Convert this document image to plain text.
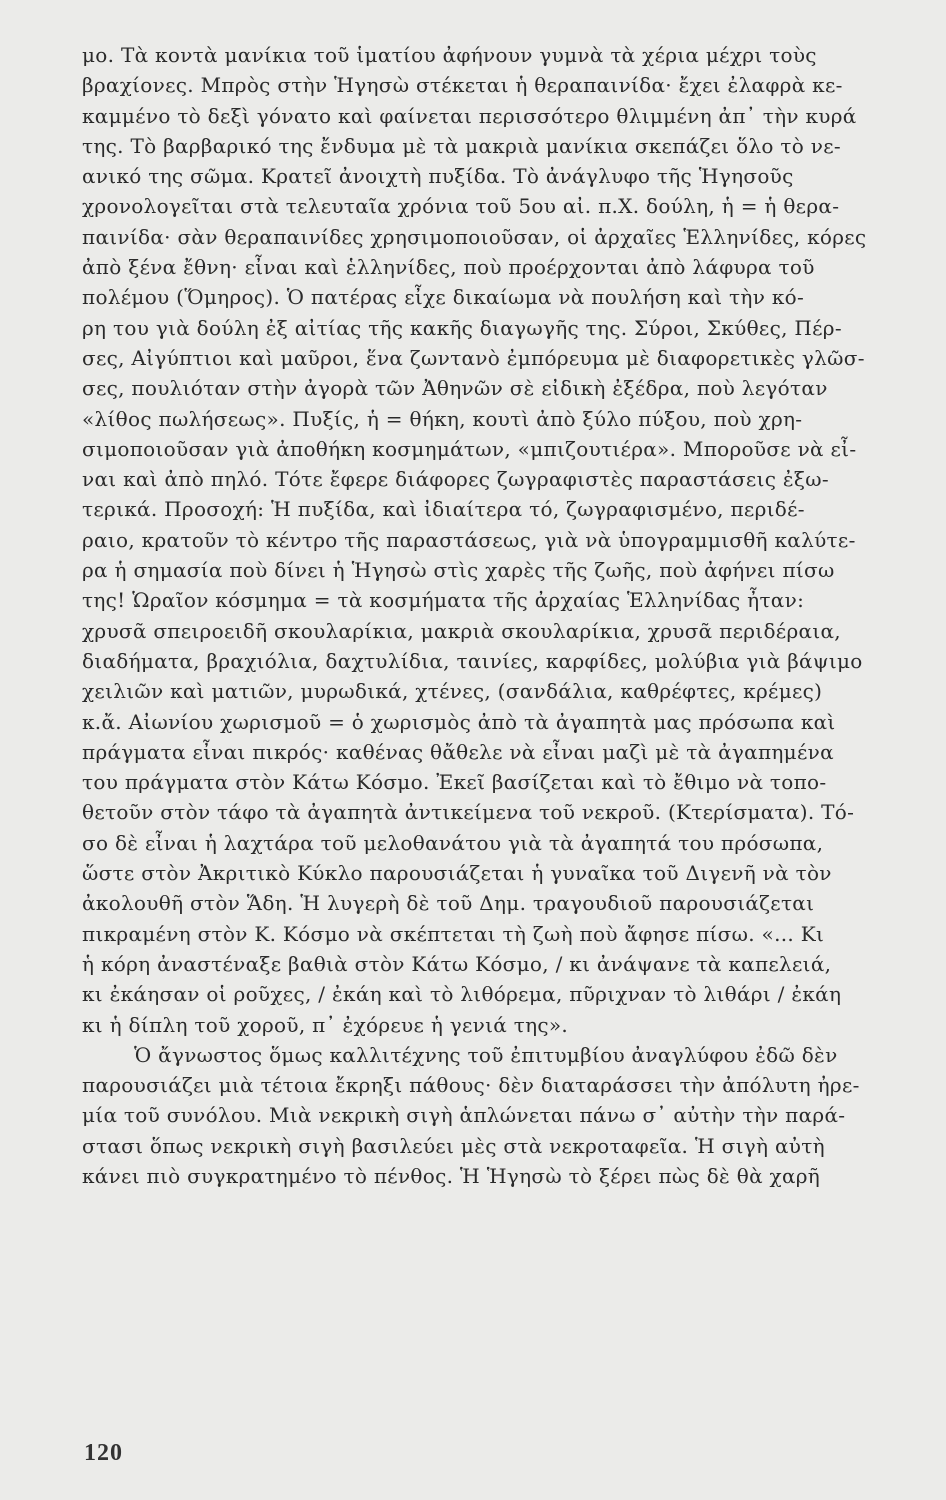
μο. Τὰ κοντὰ μανίκια τοῦ ἱματίου ἀφήνουν γυμνὰ τὰ χέρια μέχρι τοὺς
βραχίονες. Μπρὸς στὴν Ἡγησὼ στέκεται ἡ θεραπαινίδα· ἔχει ἐλαφρὰ κε-
καμμένο τὸ δεξὶ γόνατο καὶ φαίνεται περισσότερο θλιμμένη ἀπ᾽ τὴν κυρά
της. Τὸ βαρβαρικό της ἔνδυμα μὲ τὰ μακριὰ μανίκια σκεπάζει ὅλο τὸ νε-
ανικό της σῶμα. Κρατεῖ ἀνοιχτὴ πυξίδα. Τὸ ἀνάγλυφο τῆς Ἡγησοῦς
χρονολογεῖται στὰ τελευταῖα χρόνια τοῦ 5ου αἰ. π.Χ. δούλη, ἡ = ἡ θερα-
παινίδα· σὰν θεραπαινίδες χρησιμοποιοῦσαν, οἱ ἀρχαῖες Ἑλληνίδες, κόρες
ἀπὸ ξένα ἔθνη· εἶναι καὶ ἑλληνίδες, ποὺ προέρχονται ἀπὸ λάφυρα τοῦ
πολέμου (Ὅμηρος). Ὁ πατέρας εἶχε δικαίωμα νὰ πουλήση καὶ τὴν κό-
ρη του γιὰ δούλη ἐξ αἰτίας τῆς κακῆς διαγωγῆς της. Σύροι, Σκύθες, Πέρ-
σες, Αἰγύπτιοι καὶ μαῦροι, ἕνα ζωντανὸ ἐμπόρευμα μὲ διαφορετικὲς γλῶσ-
σες, πουλιόταν στὴν ἀγορὰ τῶν Ἀθηνῶν σὲ εἰδικὴ ἐξέδρα, ποὺ λεγόταν
«λίθος πωλήσεως». Πυξίς, ἡ = θήκη, κουτὶ ἀπὸ ξύλο πύξου, ποὺ χρη-
σιμοποιοῦσαν γιὰ ἀποθήκη κοσμημάτων, «μπιζουτιέρα». Μποροῦσε νὰ εἶ-
ναι καὶ ἀπὸ πηλό. Τότε ἔφερε διάφορες ζωγραφιστὲς παραστάσεις ἐξω-
τερικά. Προσοχή: Ἡ πυξίδα, καὶ ἰδιαίτερα τό, ζωγραφισμένο, περιδέ-
ραιο, κρατοῦν τὸ κέντρο τῆς παραστάσεως, γιὰ νὰ ὑπογραμμισθῆ καλύτε-
ρα ἡ σημασία ποὺ δίνει ἡ Ἡγησὼ στὶς χαρὲς τῆς ζωῆς, ποὺ ἀφήνει πίσω
της! Ὡραῖον κόσμημα = τὰ κοσμήματα τῆς ἀρχαίας Ἑλληνίδας ἦταν:
χρυσᾶ σπειροειδῆ σκουλαρίκια, μακριὰ σκουλαρίκια, χρυσᾶ περιδέραια,
διαδήματα, βραχιόλια, δαχτυλίδια, ταινίες, καρφίδες, μολύβια γιὰ βάψιμο
χειλιῶν καὶ ματιῶν, μυρωδικά, χτένες, (σανδάλια, καθρέφτες, κρέμες)
κ.ἄ. Αἰωνίου χωρισμοῦ = ὁ χωρισμὸς ἀπὸ τὰ ἀγαπητὰ μας πρόσωπα καὶ
πράγματα εἶναι πικρός· καθένας θἄθελε νὰ εἶναι μαζὶ μὲ τὰ ἀγαπημένα
του πράγματα στὸν Κάτω Κόσμο. Ἐκεῖ βασίζεται καὶ τὸ ἔθιμο νὰ τοπο-
θετοῦν στὸν τάφο τὰ ἀγαπητὰ ἀντικείμενα τοῦ νεκροῦ. (Κτερίσματα). Τό-
σο δὲ εἶναι ἡ λαχτάρα τοῦ μελοθανάτου γιὰ τὰ ἀγαπητά του πρόσωπα,
ὥστε στὸν Ἀκριτικὸ Κύκλο παρουσιάζεται ἡ γυναῖκα τοῦ Διγενῆ νὰ τὸν
ἀκολουθῆ στὸν Ἅδη. Ἡ λυγερὴ δὲ τοῦ Δημ. τραγουδιοῦ παρουσιάζεται
πικραμένη στὸν Κ. Κόσμο νὰ σκέπτεται τὴ ζωὴ ποὺ ἄφησε πίσω. «... Κι
ἡ κόρη ἀναστέναξε βαθιὰ στὸν Κάτω Κόσμο, / κι ἀνάψανε τὰ καπελειά,
κι ἐκάησαν οἱ ροῦχες, / ἐκάη καὶ τὸ λιθόρεμα, πῦριχναν τὸ λιθάρι / ἐκάη
κι ἡ δίπλη τοῦ χοροῦ, π᾽ ἐχόρευε ἡ γενιά της».
Ὁ ἄγνωστος ὅμως καλλιτέχνης τοῦ ἐπιτυμβίου ἀναγλύφου ἐδῶ δὲν
παρουσιάζει μιὰ τέτοια ἔκρηξι πάθους· δὲν διαταράσσει τὴν ἀπόλυτη ἠρε-
μία τοῦ συνόλου. Μιὰ νεκρικὴ σιγὴ ἁπλώνεται πάνω σ᾽ αὐτὴν τὴν παρά-
στασι ὅπως νεκρικὴ σιγὴ βασιλεύει μὲς στὰ νεκροταφεῖα. Ἡ σιγὴ αὐτὴ
κάνει πιὸ συγκρατημένο τὸ πένθος. Ἡ Ἡγησὼ τὸ ξέρει πὼς δὲ θὰ χαρῆ
120
